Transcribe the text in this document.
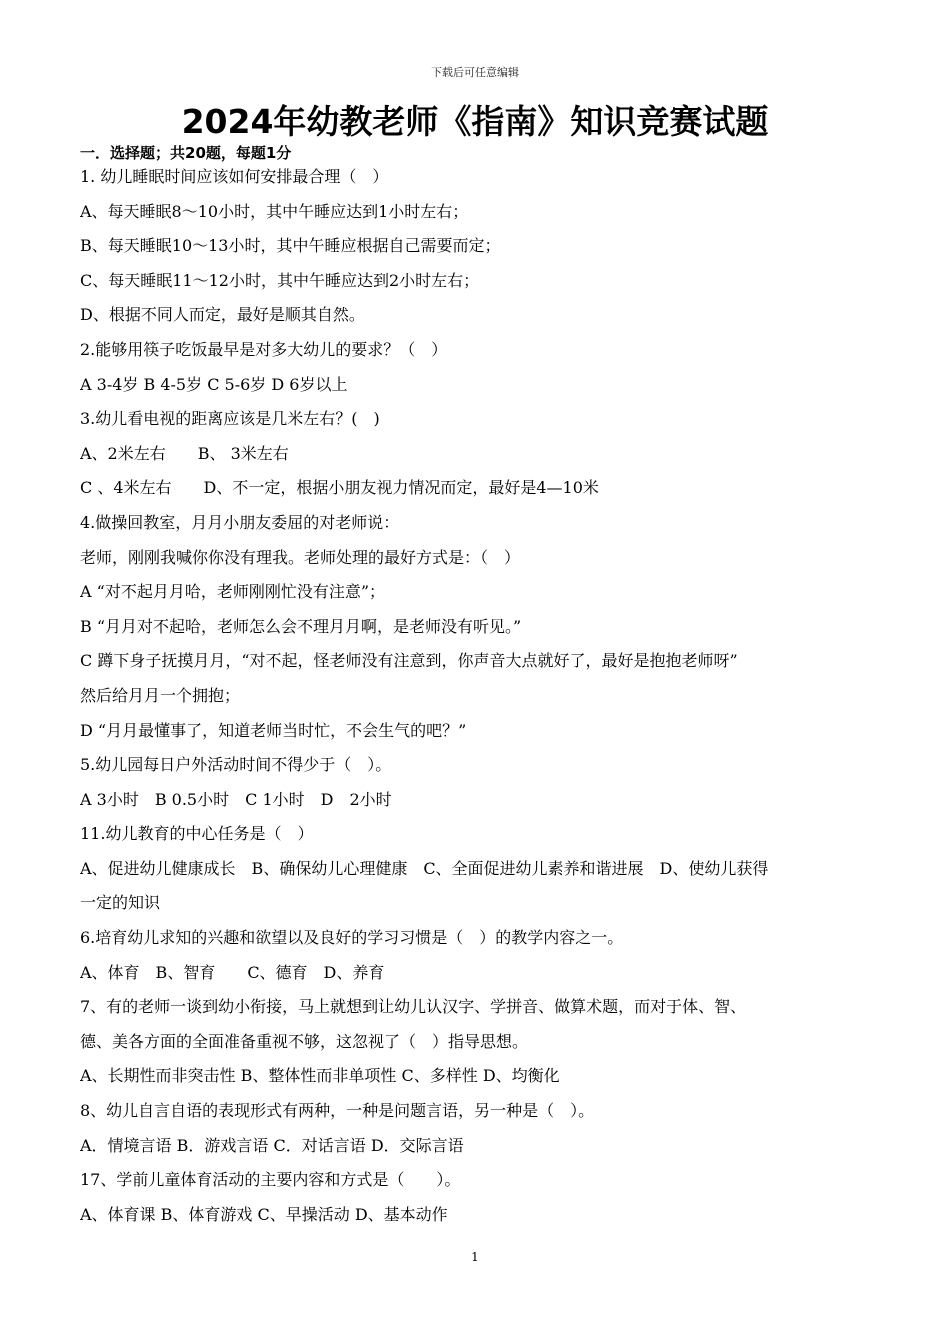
下载后可任意编辑
2024年幼教老师《指南》知识竞赛试题
一．选择题；共20题，每题1分
1. 幼儿睡眠时间应该如何安排最合理（　）
A、每天睡眠8～10小时，其中午睡应达到1小时左右；
B、每天睡眠10～13小时，其中午睡应根据自己需要而定；
C、每天睡眠11～12小时，其中午睡应达到2小时左右；
D、根据不同人而定，最好是顺其自然。
2.能够用筷子吃饭最早是对多大幼儿的要求？（　）
A 3-4岁 B 4-5岁 C 5-6岁 D 6岁以上
3.幼儿看电视的距离应该是几米左右？(　)
A、2米左右　　B、 3米左右
C 、4米左右　　D、不一定，根据小朋友视力情况而定，最好是4—10米
4.做操回教室，月月小朋友委屈的对老师说：
老师，刚刚我喊你你没有理我。老师处理的最好方式是：（　）
A “对不起月月哈，老师刚刚忙没有注意”；
B “月月对不起哈，老师怎么会不理月月啊，是老师没有听见。”
C 蹲下身子抚摸月月，“对不起，怪老师没有注意到，你声音大点就好了，最好是抱抱老师呀”
然后给月月一个拥抱；
D “月月最懂事了，知道老师当时忙，不会生气的吧？”
5.幼儿园每日户外活动时间不得少于（　）。
A 3小时　B 0.5小时　C 1小时　D　2小时
11.幼儿教育的中心任务是（　）
A、促进幼儿健康成长　B、确保幼儿心理健康　C、全面促进幼儿素养和谐进展　D、使幼儿获得
一定的知识
6.培育幼儿求知的兴趣和欲望以及良好的学习习惯是（　）的教学内容之一。
A、体育　B、智育　　C、德育　D、养育
7、有的老师一谈到幼小衔接，马上就想到让幼儿认汉字、学拼音、做算术题，而对于体、智、
德、美各方面的全面准备重视不够，这忽视了（　）指导思想。
A、长期性而非突击性 B、整体性而非单项性 C、多样性 D、均衡化
8、幼儿自言自语的表现形式有两种，一种是问题言语，另一种是（　）。
A．情境言语 B．游戏言语 C．对话言语 D．交际言语
17、学前儿童体育活动的主要内容和方式是（　　）。
A、体育课 B、体育游戏 C、早操活动 D、基本动作
1
